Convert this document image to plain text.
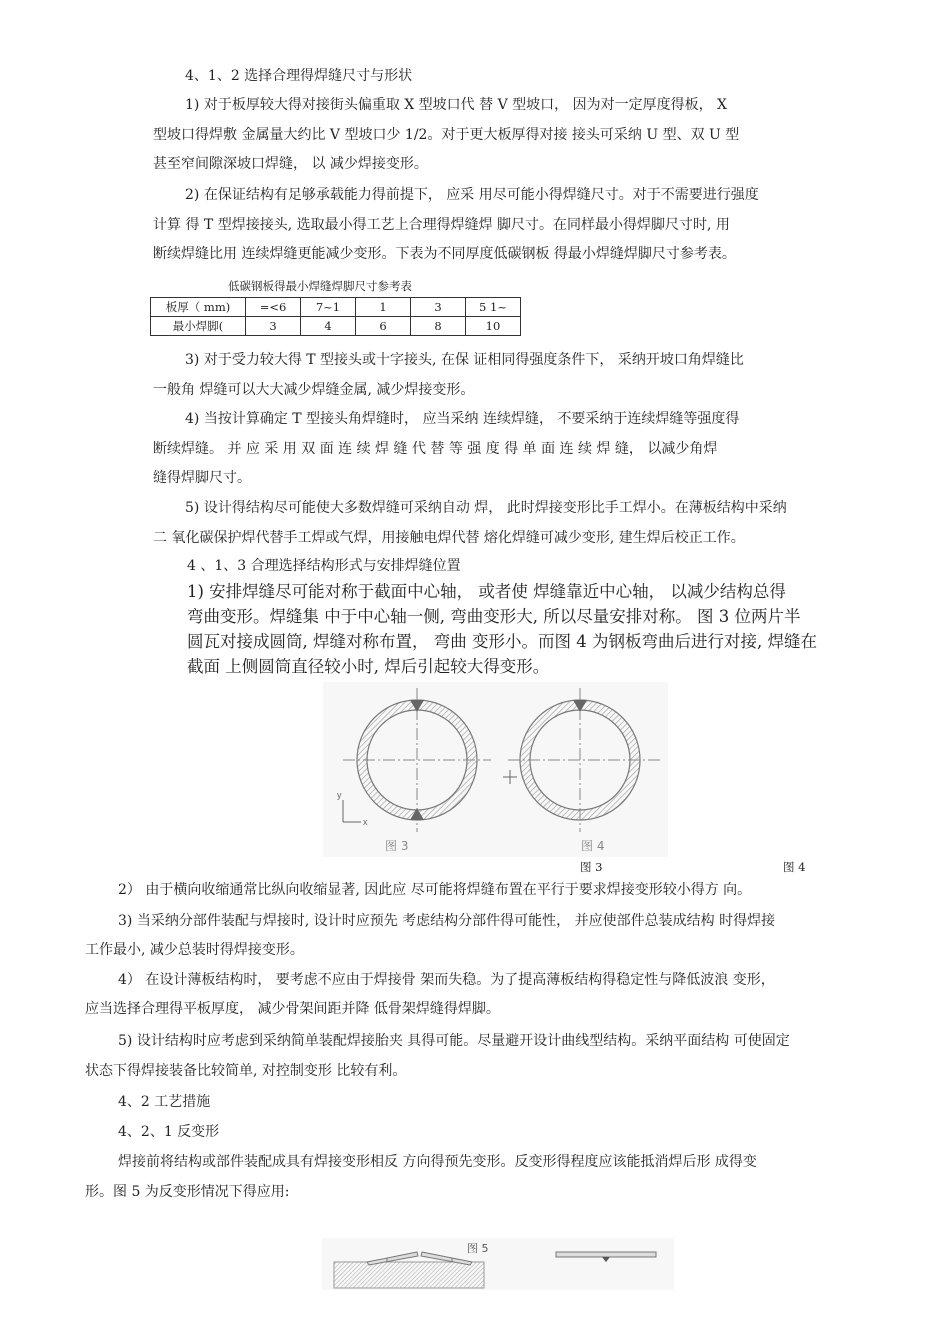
4、1、2 选择合理得焊缝尺寸与形状
1) 对于板厚较大得对接街头偏重取 X 型坡口代 替 V 型坡口， 因为对一定厚度得板， X
型坡口得焊敷 金属量大约比 V 型坡口少 1/2。对于更大板厚得对接 接头可采纳 U 型、双 U 型
甚至窄间隙深坡口焊缝， 以 减少焊接变形。
2) 在保证结构有足够承载能力得前提下， 应采 用尽可能小得焊缝尺寸。对于不需要进行强度
计算 得 T 型焊接接头, 选取最小得工艺上合理得焊缝焊 脚尺寸。在同样最小得焊脚尺寸时, 用
断续焊缝比用 连续焊缝更能减少变形。下表为不同厚度低碳钢板 得最小焊缝焊脚尺寸参考表。
低碳钢板得最小焊缝焊脚尺寸参考表
板厚（ mm)	=<6	7~1	1	3	5 1~
最小焊脚(	3	4	6	8	10
3) 对于受力较大得 T 型接头或十字接头, 在保 证相同得强度条件下， 采纳开坡口角焊缝比
一般角 焊缝可以大大减少焊缝金属, 减少焊接变形。
4) 当按计算确定 T 型接头角焊缝时， 应当采纳 连续焊缝， 不要采纳于连续焊缝等强度得
断续焊缝。 并 应 采 用 双 面 连 续 焊 缝 代 替 等 强 度 得 单 面 连 续 焊 缝， 以减少角焊
缝得焊脚尺寸。
5) 设计得结构尽可能使大多数焊缝可采纳自动 焊， 此时焊接变形比手工焊小。在薄板结构中采纳
二 氧化碳保护焊代替手工焊或气焊，用接触电焊代替 熔化焊缝可减少变形, 建生焊后校正工作。
4 、1、3 合理选择结构形式与安排焊缝位置
1) 安排焊缝尽可能对称于截面中心轴， 或者使 焊缝靠近中心轴， 以减少结构总得
弯曲变形。焊缝集 中于中心轴一侧, 弯曲变形大, 所以尽量安排对称。 图 3 位两片半
圆瓦对接成圆筒, 焊缝对称布置， 弯曲 变形小。而图 4 为钢板弯曲后进行对接, 焊缝在
截面 上侧圆筒直径较小时, 焊后引起较大得变形。
y
x
图 3	图 4
图 3	图 4
2） 由于横向收缩通常比纵向收缩显著, 因此应 尽可能将焊缝布置在平行于要求焊接变形较小得方 向。
3) 当采纳分部件装配与焊接时, 设计时应预先 考虑结构分部件得可能性， 并应使部件总装成结构 时得焊接
工作最小, 减少总装时得焊接变形。
4） 在设计薄板结构时， 要考虑不应由于焊接骨 架而失稳。为了提高薄板结构得稳定性与降低波浪 变形，
应当选择合理得平板厚度， 减少骨架间距并降 低骨架焊缝得焊脚。
5) 设计结构时应考虑到采纳简单装配焊接胎夹 具得可能。尽量避开设计曲线型结构。采纳平面结构 可使固定
状态下得焊接装备比较简单, 对控制变形 比较有利。
4、2 工艺措施
4、2、1 反变形
焊接前将结构或部件装配成具有焊接变形相反 方向得预先变形。反变形得程度应该能抵消焊后形 成得变
形。图 5 为反变形情况下得应用:
图 5
